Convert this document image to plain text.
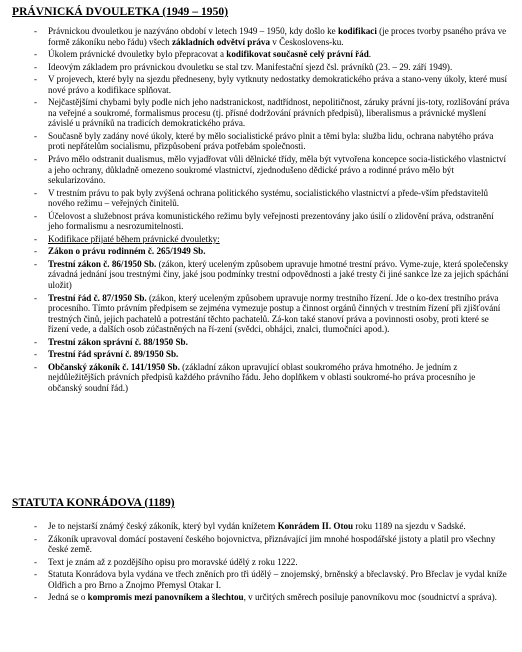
PRÁVNICKÁ DVOULETKA (1949 – 1950)
- Právnickou dvouletkou je nazýváno období v letech 1949 – 1950, kdy došlo ke kodifikaci (je proces tvorby psaného práva ve formě zákoníku nebo řádu) všech základních odvětví práva v Českoslovens-ku.
- Úkolem právnické dvouletky bylo přepracovat a kodifikovat současně celý právní řád.
- Ideovým základem pro právnickou dvouletku se stal tzv. Manifestační sjezd čsl. právníků (23. – 29. září 1949).
- V projevech, které byly na sjezdu předneseny, byly vytknuty nedostatky demokratického práva a stano-veny úkoly, které musí nové právo a kodifikace splňovat.
- Nejčastějšími chybami byly podle nich jeho nadstranickost, nadtřídnost, nepolitičnost, záruky právní jis-toty, rozlišování práva na veřejné a soukromé, formalismus procesu (tj. přísné dodržování právních předpisů), liberalismus a právnické myšlení závislé u právníků na tradicích demokratického práva.
- Současně byly zadány nové úkoly, které by mělo socialistické právo plnit a těmi byla: služba lidu, ochrana nabytého práva proti nepřátelům socialismu, přizpůsobení práva potřebám společnosti.
- Právo mělo odstranit dualismus, mělo vyjadřovat vůli dělnické třídy, měla být vytvořena koncepce socia-listického vlastnictví a jeho ochrany, důkladně omezeno soukromé vlastnictví, zjednodušeno dědické právo a rodinné právo mělo být sekularizováno.
- V trestním právu to pak byly zvýšená ochrana politického systému, socialistického vlastnictví a přede-vším představitelů nového režimu – veřejných činitelů.
- Účelovost a služebnost práva komunistického režimu byly veřejnosti prezentovány jako úsilí o zlidovění práva, odstranění jeho formalismu a nesrozumitelnosti.
- Kodifikace přijaté během právnické dvouletky:
- Zákon o právu rodinném č. 265/1949 Sb.
- Trestní zákon č. 86/1950 Sb. (zákon, který uceleným způsobem upravuje hmotné trestní právo. Vyme-zuje, která společensky závadná jednání jsou trestnými činy, jaké jsou podmínky trestní odpovědnosti a jaké tresty či jiné sankce lze za jejich spáchání uložit)
- Trestní řád č. 87/1950 Sb. (zákon, který uceleným způsobem upravuje normy trestního řízení. Jde o ko-dex trestního práva procesního. Tímto právním předpisem se zejména vymezuje postup a činnost orgánů činných v trestním řízení při zjišťování trestných činů, jejich pachatelů a potrestání těchto pachatelů. Zá-kon také stanoví práva a povinnosti osoby, proti které se řízení vede, a dalších osob zúčastněných na ří-zení (svědci, obhájci, znalci, tlumočníci apod.).
- Trestní zákon správní č. 88/1950 Sb.
- Trestní řád správní č. 89/1950 Sb.
- Občanský zákoník č. 141/1950 Sb. (základní zákon upravující oblast soukromého práva hmotného. Je jedním z nejdůležitějších právních předpisů každého právního řádu. Jeho doplňkem v oblasti soukromé-ho práva procesního je občanský soudní řád.)
STATUTA KONRÁDOVA (1189)
- Je to nejstarší známý český zákoník, který byl vydán knížetem Konrádem II. Otou roku 1189 na sjezdu v Sadské.
- Zákoník upravoval domácí postavení českého bojovnictva, přiznávající jim mnohé hospodářské jistoty a platil pro všechny české země.
- Text je znám až z pozdějšího opisu pro moravské údělý z roku 1222.
- Statuta Konrádova byla vydána ve třech zněních pro tři údělý – znojemský, brněnský a břeclavský. Pro Břeclav je vydal kníže Oldřich a pro Brno a Znojmo Přemysl Otakar I.
- Jedná se o kompromis mezi panovníkem a šlechtou, v určitých směrech posiluje panovníkovu moc (soudnictví a správa).
